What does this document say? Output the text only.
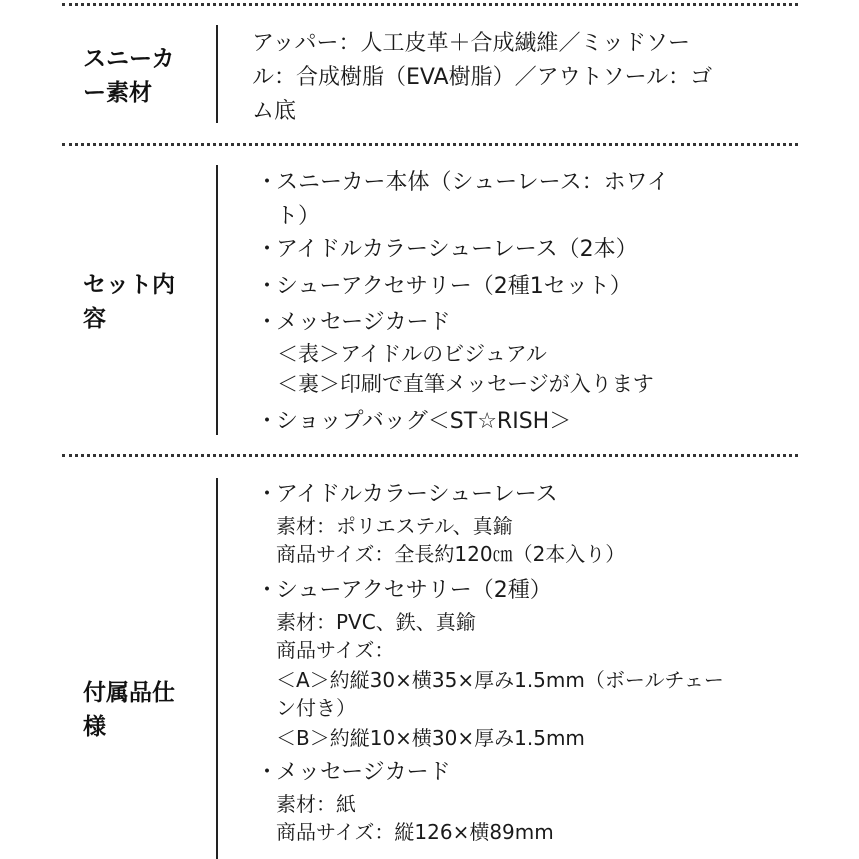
スニーカ
ー素材
アッパー：人工皮革＋合成繊維／ミッドソー
ル：合成樹脂（EVA樹脂）／アウトソール：ゴ
ム底
セット内
容
・
スニーカー本体（シューレース：ホワイ
ト）
・
アイドルカラーシューレース（2本）
・
シューアクセサリー（2種1セット）
・
メッセージカード
＜表＞アイドルのビジュアル
＜裏＞印刷で直筆メッセージが入ります
・
ショップバッグ＜ST☆RISH＞
付属品仕
様
・
アイドルカラーシューレース
素材：ポリエステル、真鍮
商品サイズ：全長約120㎝（2本入り）
・
シューアクセサリー（2種）
素材：PVC、鉄、真鍮
商品サイズ：
＜A＞約縦30×横35×厚み1.5mm（ボールチェー
ン付き）
＜B＞約縦10×横30×厚み1.5mm
・
メッセージカード
素材：紙
商品サイズ：縦126×横89mm
